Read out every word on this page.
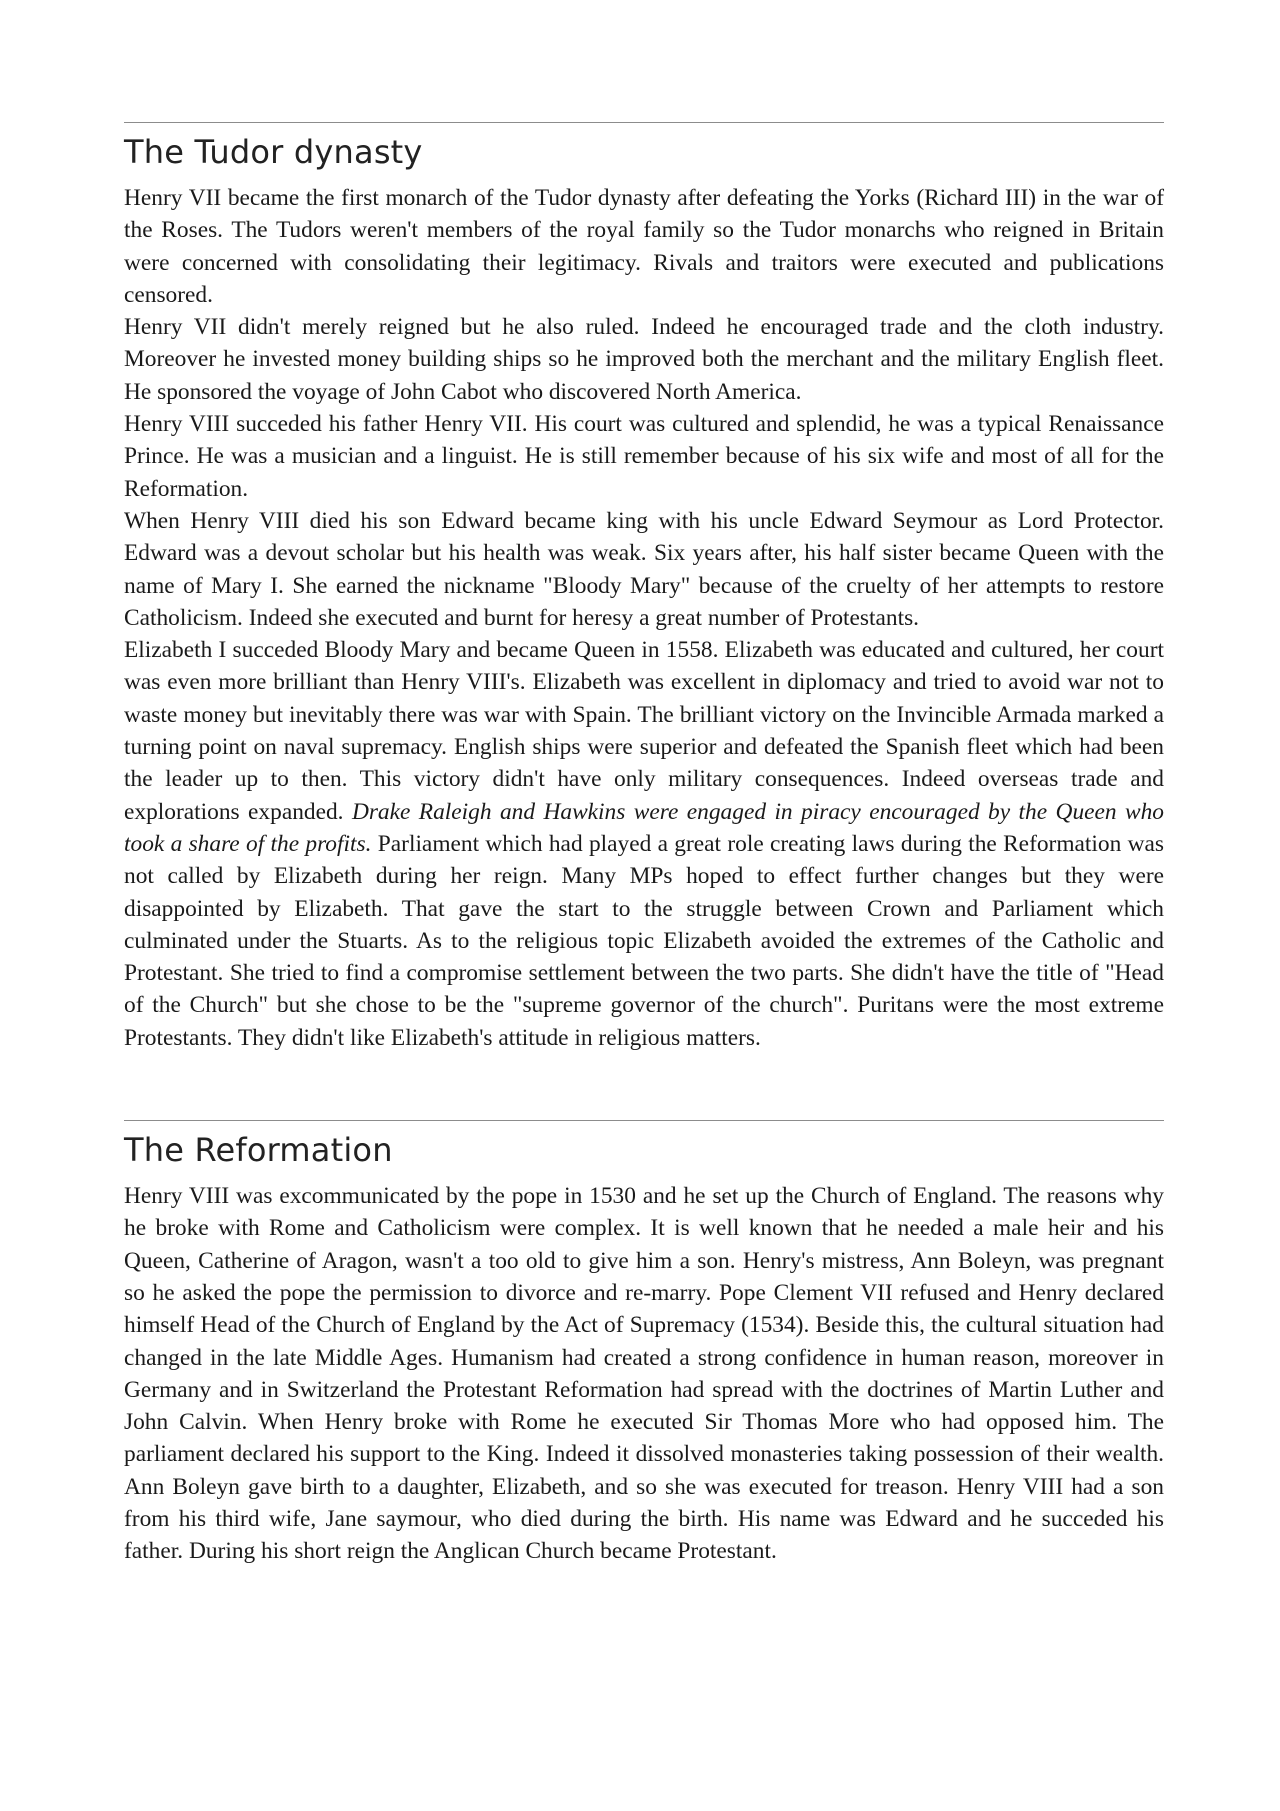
The Tudor dynasty

Henry VII became the first monarch of the Tudor dynasty after defeating the Yorks (Richard III) in the war of the Roses. The Tudors weren't members of the royal family so the Tudor monarchs who reigned in Britain were concerned with consolidating their legitimacy. Rivals and traitors were executed and publications censored.

Henry VII didn't merely reigned but he also ruled. Indeed he encouraged trade and the cloth industry. Moreover he invested money building ships so he improved both the merchant and the military English fleet. He sponsored the voyage of John Cabot who discovered North America.

Henry VIII succeded his father Henry VII. His court was cultured and splendid, he was a typical Renaissance Prince. He was a musician and a linguist. He is still remember because of his six wife and most of all for the Reformation.

When Henry VIII died his son Edward became king with his uncle Edward Seymour as Lord Protector. Edward was a devout scholar but his health was weak. Six years after, his half sister became Queen with the name of Mary I. She earned the nickname "Bloody Mary" because of the cruelty of her attempts to restore Catholicism. Indeed she executed and burnt for heresy a great number of Protestants.

Elizabeth I succeded Bloody Mary and became Queen in 1558. Elizabeth was educated and cultured, her court was even more brilliant than Henry VIII's. Elizabeth was excellent in diplomacy and tried to avoid war not to waste money but inevitably there was war with Spain. The brilliant victory on the Invincible Armada marked a turning point on naval supremacy. English ships were superior and defeated the Spanish fleet which had been the leader up to then. This victory didn't have only military consequences. Indeed overseas trade and explorations expanded. Drake Raleigh and Hawkins were engaged in piracy encouraged by the Queen who took a share of the profits. Parliament which had played a great role creating laws during the Reformation was not called by Elizabeth during her reign. Many MPs hoped to effect further changes but they were disappointed by Elizabeth. That gave the start to the struggle between Crown and Parliament which culminated under the Stuarts. As to the religious topic Elizabeth avoided the extremes of the Catholic and Protestant. She tried to find a compromise settlement between the two parts. She didn't have the title of "Head of the Church" but she chose to be the "supreme governor of the church". Puritans were the most extreme Protestants. They didn't like Elizabeth's attitude in religious matters.

The Reformation

Henry VIII was excommunicated by the pope in 1530 and he set up the Church of England. The reasons why he broke with Rome and Catholicism were complex. It is well known that he needed a male heir and his Queen, Catherine of Aragon, wasn't a too old to give him a son. Henry's mistress, Ann Boleyn, was pregnant so he asked the pope the permission to divorce and re-marry. Pope Clement VII refused and Henry declared himself Head of the Church of England by the Act of Supremacy (1534). Beside this, the cultural situation had changed in the late Middle Ages. Humanism had created a strong confidence in human reason, moreover in Germany and in Switzerland the Protestant Reformation had spread with the doctrines of Martin Luther and John Calvin. When Henry broke with Rome he executed Sir Thomas More who had opposed him. The parliament declared his support to the King. Indeed it dissolved monasteries taking possession of their wealth. Ann Boleyn gave birth to a daughter, Elizabeth, and so she was executed for treason. Henry VIII had a son from his third wife, Jane saymour, who died during the birth. His name was Edward and he succeded his father. During his short reign the Anglican Church became Protestant.
